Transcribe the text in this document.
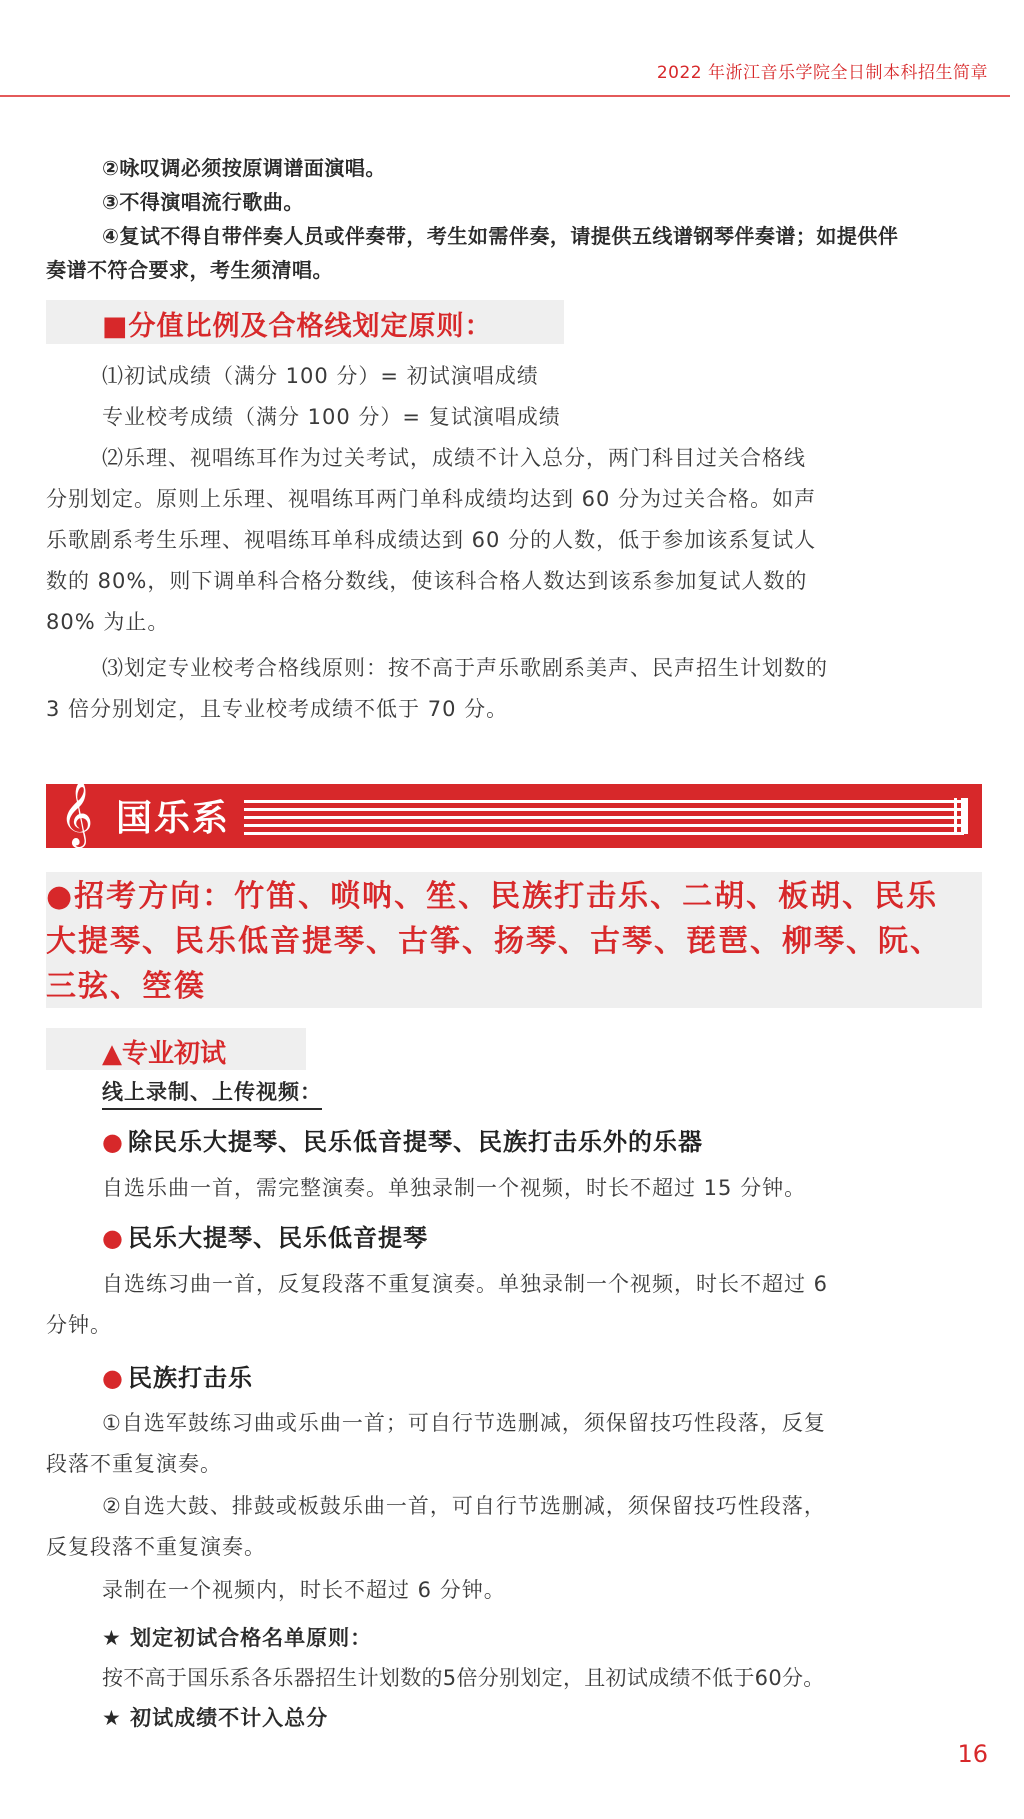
2022 年浙江音乐学院全日制本科招生简章
②咏叹调必须按原调谱面演唱。
③不得演唱流行歌曲。
④复试不得自带伴奏人员或伴奏带，考生如需伴奏，请提供五线谱钢琴伴奏谱；如提供伴
奏谱不符合要求，考生须清唱。
■分值比例及合格线划定原则：
⑴初试成绩（满分 100 分）= 初试演唱成绩
专业校考成绩（满分 100 分）= 复试演唱成绩
⑵乐理、视唱练耳作为过关考试，成绩不计入总分，两门科目过关合格线
分别划定。原则上乐理、视唱练耳两门单科成绩均达到 60 分为过关合格。如声
乐歌剧系考生乐理、视唱练耳单科成绩达到 60 分的人数，低于参加该系复试人
数的 80%，则下调单科合格分数线，使该科合格人数达到该系参加复试人数的
80% 为止。
⑶划定专业校考合格线原则：按不高于声乐歌剧系美声、民声招生计划数的
3 倍分别划定，且专业校考成绩不低于 70 分。
𝄞 国乐系
●招考方向：竹笛、唢呐、笙、民族打击乐、二胡、板胡、民乐
大提琴、民乐低音提琴、古筝、扬琴、古琴、琵琶、柳琴、阮、
三弦、箜篌
▲专业初试
线上录制、上传视频：
● 除民乐大提琴、民乐低音提琴、民族打击乐外的乐器
自选乐曲一首，需完整演奏。单独录制一个视频，时长不超过 15 分钟。
● 民乐大提琴、民乐低音提琴
自选练习曲一首，反复段落不重复演奏。单独录制一个视频，时长不超过 6
分钟。
● 民族打击乐
①自选军鼓练习曲或乐曲一首；可自行节选删减，须保留技巧性段落，反复
段落不重复演奏。
②自选大鼓、排鼓或板鼓乐曲一首，可自行节选删减，须保留技巧性段落，
反复段落不重复演奏。
录制在一个视频内，时长不超过 6 分钟。
★ 划定初试合格名单原则：
按不高于国乐系各乐器招生计划数的5倍分别划定，且初试成绩不低于60分。
★ 初试成绩不计入总分
16
